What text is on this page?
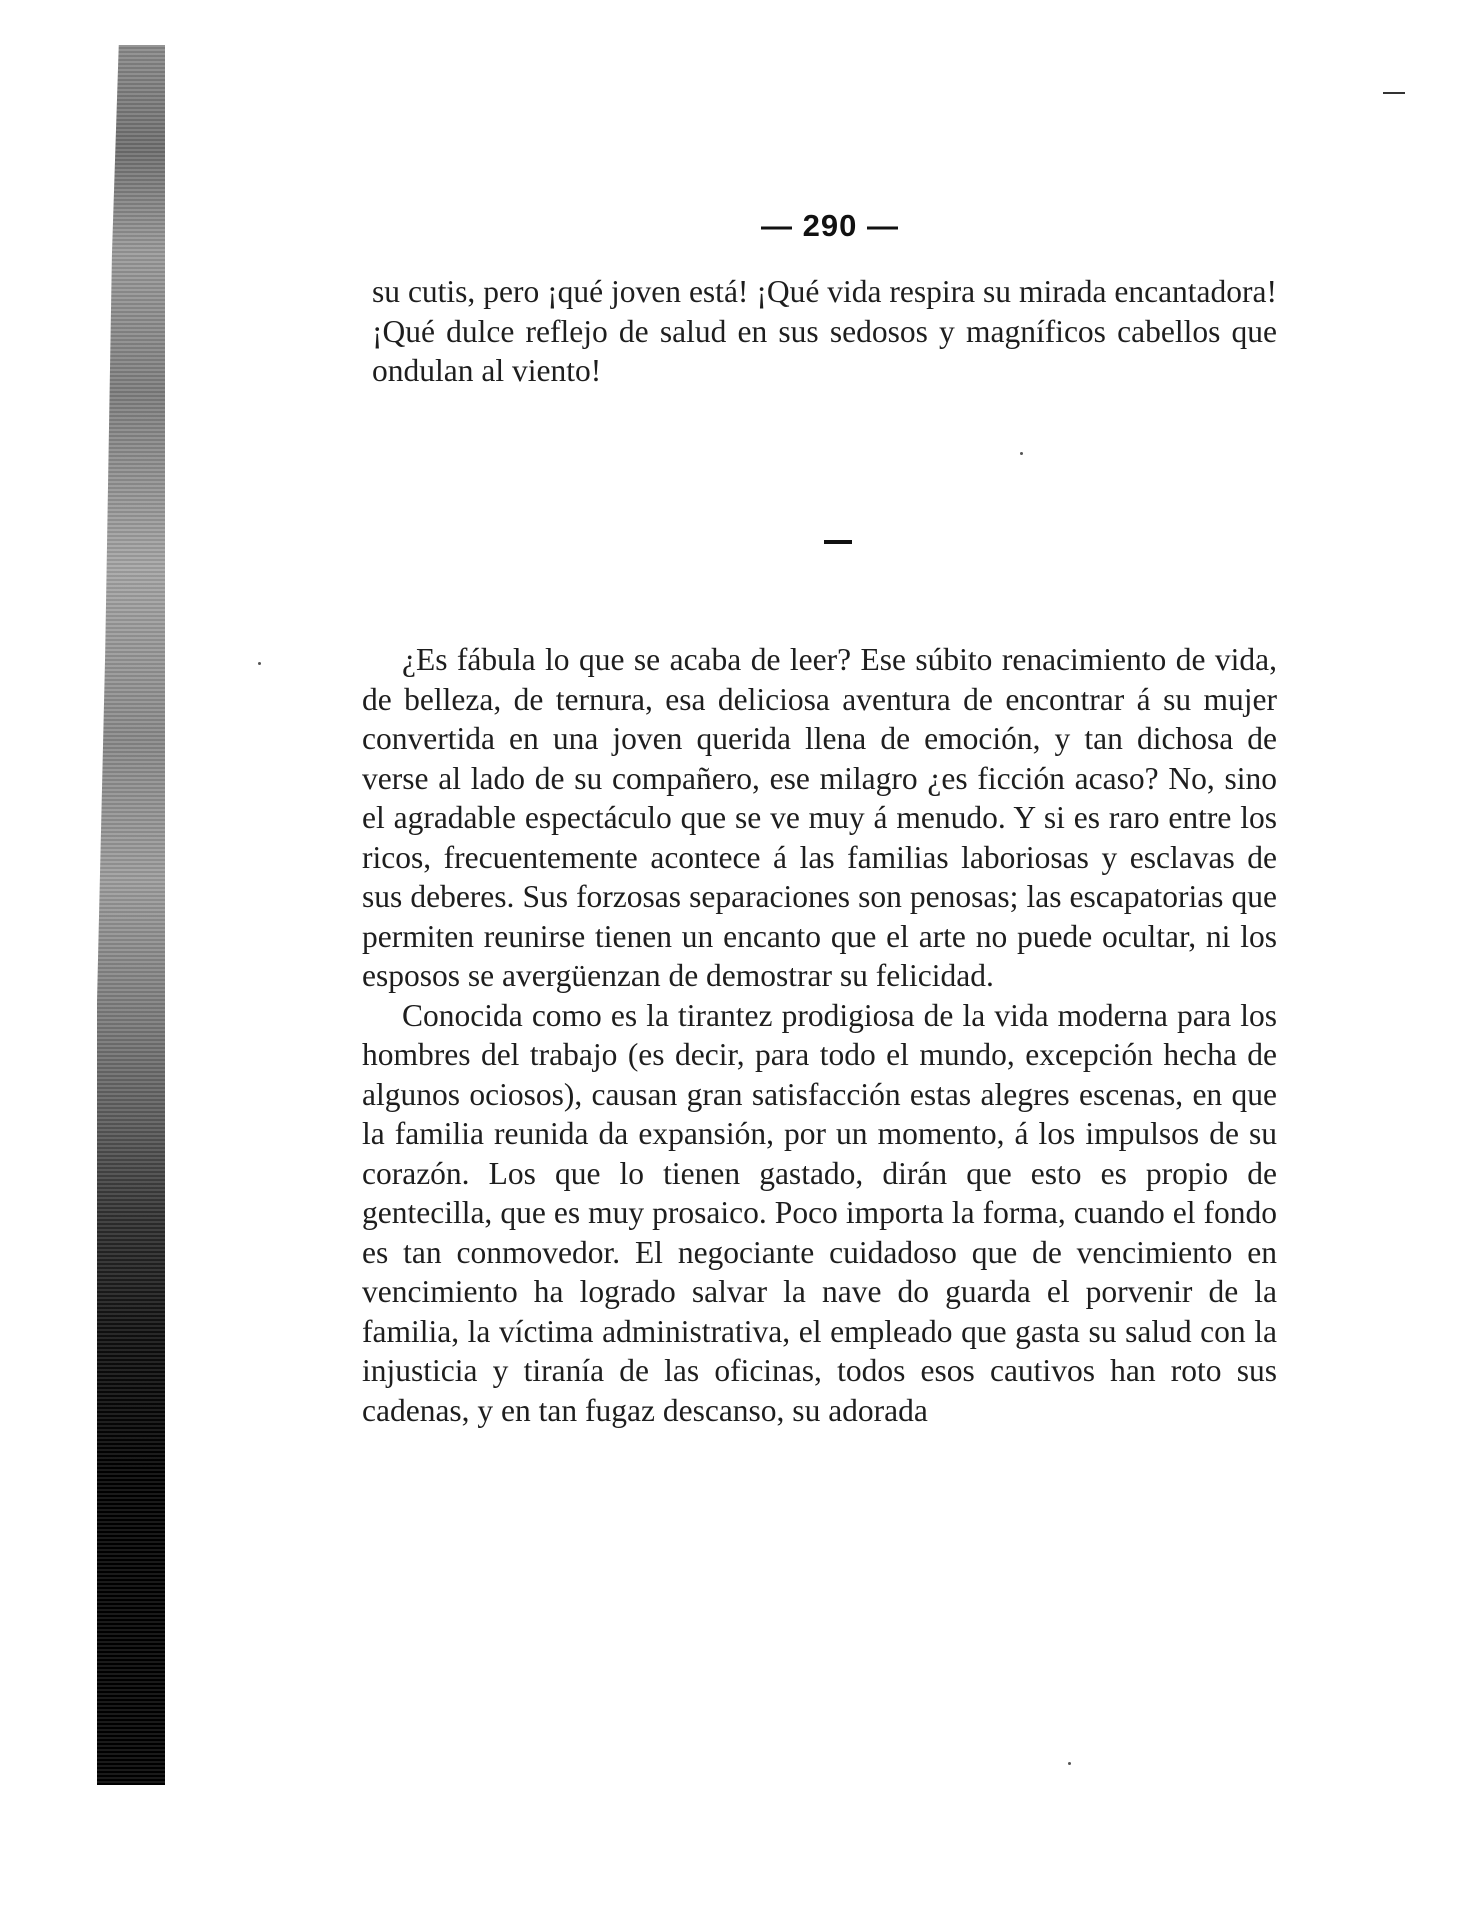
— 290 —

su cutis, pero ¡qué joven está! ¡Qué vida respira su mirada encantadora! ¡Qué dulce reflejo de salud en sus sedosos y magníficos cabellos que ondulan al viento!

¿Es fábula lo que se acaba de leer? Ese súbito renacimiento de vida, de belleza, de ternura, esa deliciosa aventura de encontrar á su mujer convertida en una joven querida llena de emoción, y tan dichosa de verse al lado de su compañero, ese milagro ¿es ficción acaso? No, sino el agradable espectáculo que se ve muy á menudo. Y si es raro entre los ricos, frecuentemente acontece á las familias laboriosas y esclavas de sus deberes. Sus forzosas separaciones son penosas; las escapatorias que permiten reunirse tienen un encanto que el arte no puede ocultar, ni los esposos se avergüenzan de demostrar su felicidad.

Conocida como es la tirantez prodigiosa de la vida moderna para los hombres del trabajo (es decir, para todo el mundo, excepción hecha de algunos ociosos), causan gran satisfacción estas alegres escenas, en que la familia reunida da expansión, por un momento, á los impulsos de su corazón. Los que lo tienen gastado, dirán que esto es propio de gentecilla, que es muy prosaico. Poco importa la forma, cuando el fondo es tan conmovedor. El negociante cuidadoso que de vencimiento en vencimiento ha logrado salvar la nave do guarda el porvenir de la familia, la víctima administrativa, el empleado que gasta su salud con la injusticia y tiranía de las oficinas, todos esos cautivos han roto sus cadenas, y en tan fugaz descanso, su adorada
